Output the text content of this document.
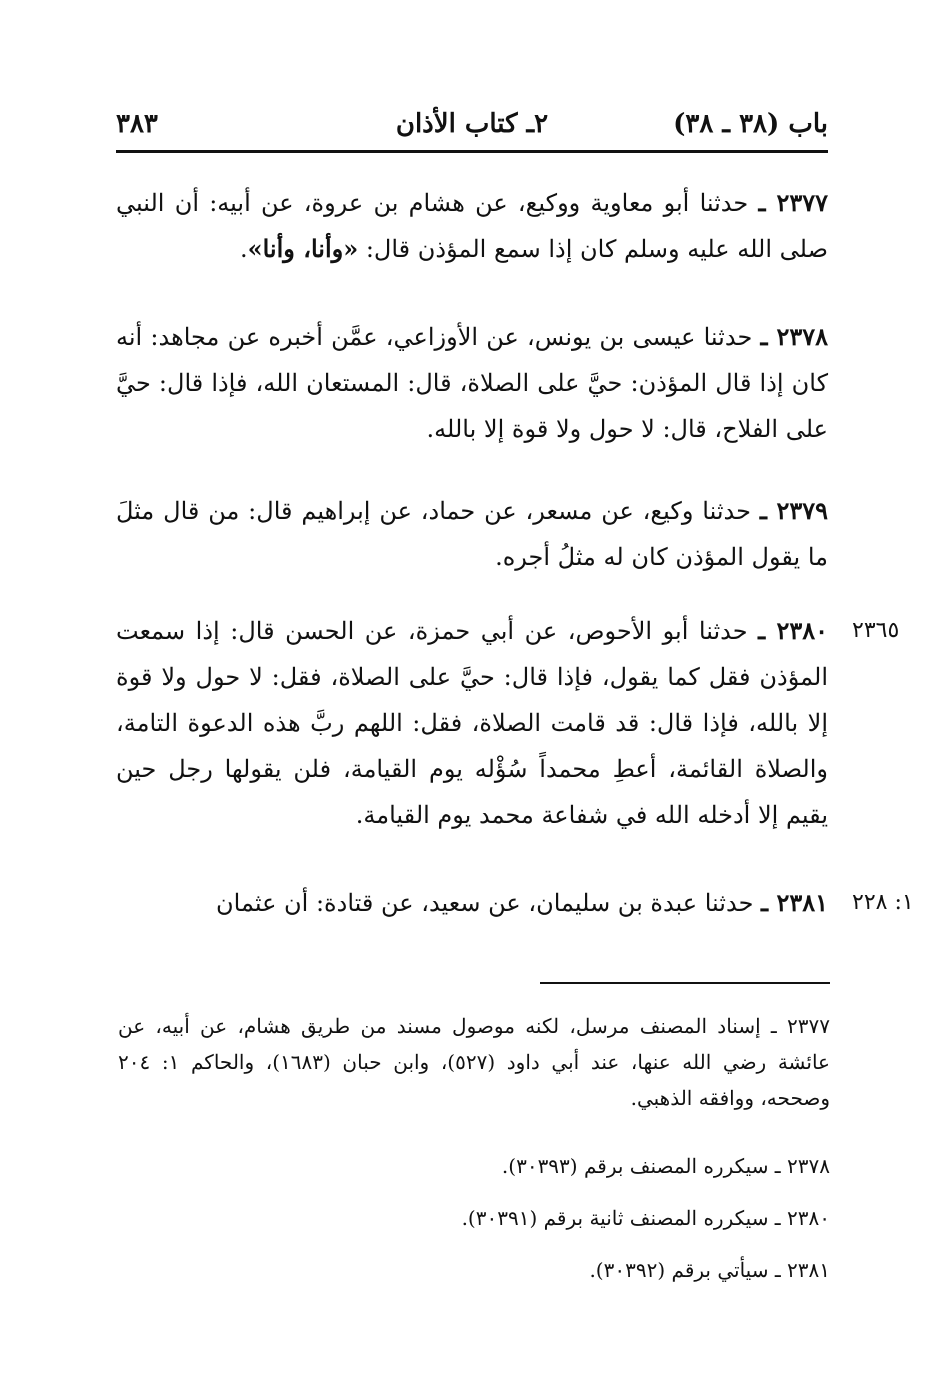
باب (٣٨ ـ ٣٨)
٢ـ كتاب الأذان
٣٨٣
٢٣٧٧ ـ حدثنا أبو معاوية ووكيع، عن هشام بن عروة، عن أبيه: أن النبي صلى الله عليه وسلم كان إذا سمع المؤذن قال: «وأنا، وأنا».
٢٣٧٨ ـ حدثنا عيسى بن يونس، عن الأوزاعي، عمَّن أخبره عن مجاهد: أنه كان إذا قال المؤذن: حيَّ على الصلاة، قال: المستعان الله، فإذا قال: حيَّ على الفلاح، قال: لا حول ولا قوة إلا بالله.
٢٣٧٩ ـ حدثنا وكيع، عن مسعر، عن حماد، عن إبراهيم قال: من قال مثلَ ما يقول المؤذن كان له مثلُ أجره.
٢٣٦٥
٢٣٨٠ ـ حدثنا أبو الأحوص، عن أبي حمزة، عن الحسن قال: إذا سمعت المؤذن فقل كما يقول، فإذا قال: حيَّ على الصلاة، فقل: لا حول ولا قوة إلا بالله، فإذا قال: قد قامت الصلاة، فقل: اللهم ربَّ هذه الدعوة التامة، والصلاة القائمة، أعطِ محمداً سُؤْله يوم القيامة، فلن يقولها رجل حين يقيم إلا أدخله الله في شفاعة محمد يوم القيامة.
١: ٢٢٨
٢٣٨١ ـ حدثنا عبدة بن سليمان، عن سعيد، عن قتادة: أن عثمان
٢٣٧٧ ـ إسناد المصنف مرسل، لكنه موصول مسند من طريق هشام، عن أبيه، عن عائشة رضي الله عنها، عند أبي داود (٥٢٧)، وابن حبان (١٦٨٣)، والحاكم ١: ٢٠٤ وصححه، ووافقه الذهبي.
٢٣٧٨ ـ سيكرره المصنف برقم (٣٠٣٩٣).
٢٣٨٠ ـ سيكرره المصنف ثانية برقم (٣٠٣٩١).
٢٣٨١ ـ سيأتي برقم (٣٠٣٩٢).
